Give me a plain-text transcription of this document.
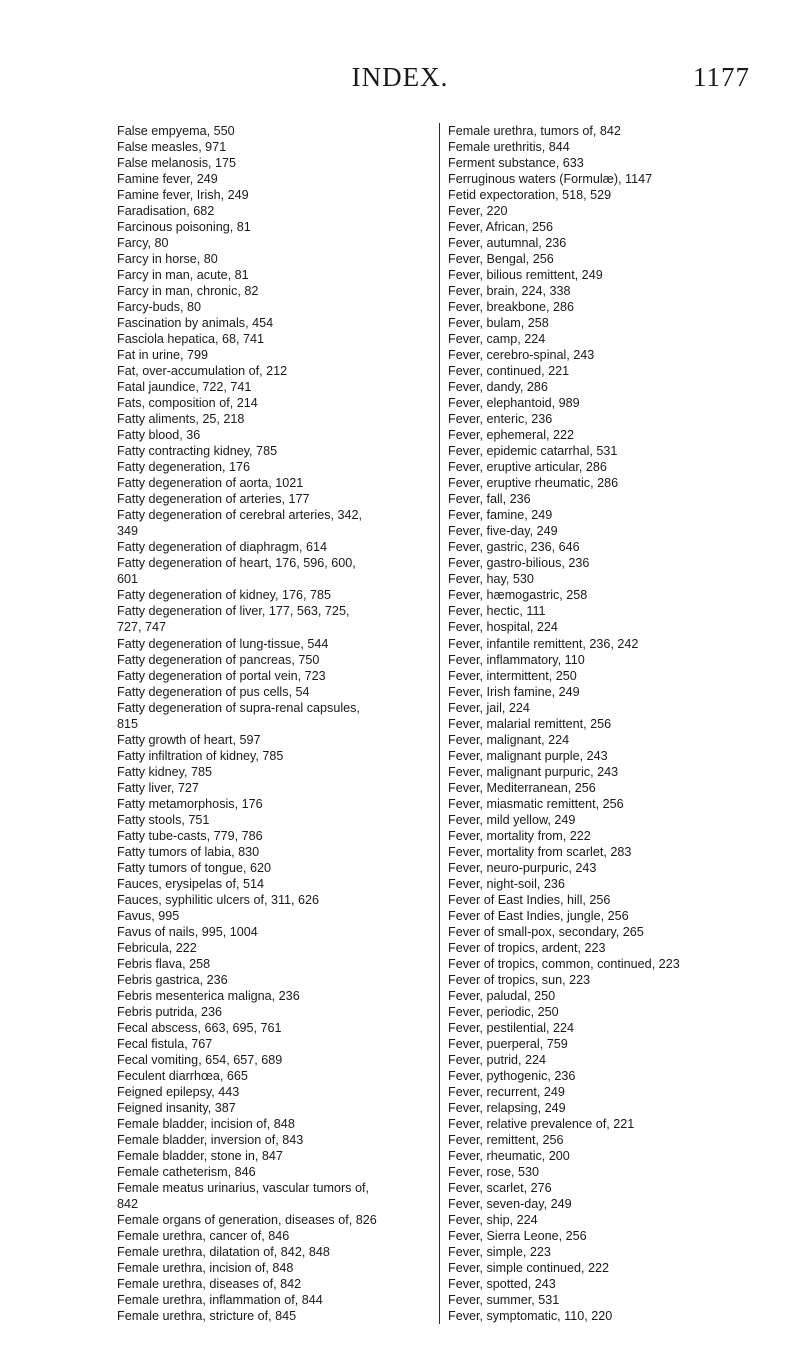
INDEX.	1177
False empyema, 550
False measles, 971
False melanosis, 175
Famine fever, 249
Famine fever, Irish, 249
Faradisation, 682
Farcinous poisoning, 81
Farcy, 80
Farcy in horse, 80
Farcy in man, acute, 81
Farcy in man, chronic, 82
Farcy-buds, 80
Fascination by animals, 454
Fasciola hepatica, 68, 741
Fat in urine, 799
Fat, over-accumulation of, 212
Fatal jaundice, 722, 741
Fats, composition of, 214
Fatty aliments, 25, 218
Fatty blood, 36
Fatty contracting kidney, 785
Fatty degeneration, 176
Fatty degeneration of aorta, 1021
Fatty degeneration of arteries, 177
Fatty degeneration of cerebral arteries, 342,
349
Fatty degeneration of diaphragm, 614
Fatty degeneration of heart, 176, 596, 600,
601
Fatty degeneration of kidney, 176, 785
Fatty degeneration of liver, 177, 563, 725,
727, 747
Fatty degeneration of lung-tissue, 544
Fatty degeneration of pancreas, 750
Fatty degeneration of portal vein, 723
Fatty degeneration of pus cells, 54
Fatty degeneration of supra-renal capsules,
815
Fatty growth of heart, 597
Fatty infiltration of kidney, 785
Fatty kidney, 785
Fatty liver, 727
Fatty metamorphosis, 176
Fatty stools, 751
Fatty tube-casts, 779, 786
Fatty tumors of labia, 830
Fatty tumors of tongue, 620
Fauces, erysipelas of, 514
Fauces, syphilitic ulcers of, 311, 626
Favus, 995
Favus of nails, 995, 1004
Febricula, 222
Febris flava, 258
Febris gastrica, 236
Febris mesenterica maligna, 236
Febris putrida, 236
Fecal abscess, 663, 695, 761
Fecal fistula, 767
Fecal vomiting, 654, 657, 689
Feculent diarrhœa, 665
Feigned epilepsy, 443
Feigned insanity, 387
Female bladder, incision of, 848
Female bladder, inversion of, 843
Female bladder, stone in, 847
Female catheterism, 846
Female meatus urinarius, vascular tumors of,
842
Female organs of generation, diseases of, 826
Female urethra, cancer of, 846
Female urethra, dilatation of, 842, 848
Female urethra, incision of, 848
Female urethra, diseases of, 842
Female urethra, inflammation of, 844
Female urethra, stricture of, 845
Female urethra, tumors of, 842
Female urethritis, 844
Ferment substance, 633
Ferruginous waters (Formulæ), 1147
Fetid expectoration, 518, 529
Fever, 220
Fever, African, 256
Fever, autumnal, 236
Fever, Bengal, 256
Fever, bilious remittent, 249
Fever, brain, 224, 338
Fever, breakbone, 286
Fever, bulam, 258
Fever, camp, 224
Fever, cerebro-spinal, 243
Fever, continued, 221
Fever, dandy, 286
Fever, elephantoid, 989
Fever, enteric, 236
Fever, ephemeral, 222
Fever, epidemic catarrhal, 531
Fever, eruptive articular, 286
Fever, eruptive rheumatic, 286
Fever, fall, 236
Fever, famine, 249
Fever, five-day, 249
Fever, gastric, 236, 646
Fever, gastro-bilious, 236
Fever, hay, 530
Fever, hæmogastric, 258
Fever, hectic, 111
Fever, hospital, 224
Fever, infantile remittent, 236, 242
Fever, inflammatory, 110
Fever, intermittent, 250
Fever, Irish famine, 249
Fever, jail, 224
Fever, malarial remittent, 256
Fever, malignant, 224
Fever, malignant purple, 243
Fever, malignant purpuric, 243
Fever, Mediterranean, 256
Fever, miasmatic remittent, 256
Fever, mild yellow, 249
Fever, mortality from, 222
Fever, mortality from scarlet, 283
Fever, neuro-purpuric, 243
Fever, night-soil, 236
Fever of East Indies, hill, 256
Fever of East Indies, jungle, 256
Fever of small-pox, secondary, 265
Fever of tropics, ardent, 223
Fever of tropics, common, continued, 223
Fever of tropics, sun, 223
Fever, paludal, 250
Fever, periodic, 250
Fever, pestilential, 224
Fever, puerperal, 759
Fever, putrid, 224
Fever, pythogenic, 236
Fever, recurrent, 249
Fever, relapsing, 249
Fever, relative prevalence of, 221
Fever, remittent, 256
Fever, rheumatic, 200
Fever, rose, 530
Fever, scarlet, 276
Fever, seven-day, 249
Fever, ship, 224
Fever, Sierra Leone, 256
Fever, simple, 223
Fever, simple continued, 222
Fever, spotted, 243
Fever, summer, 531
Fever, symptomatic, 110, 220
